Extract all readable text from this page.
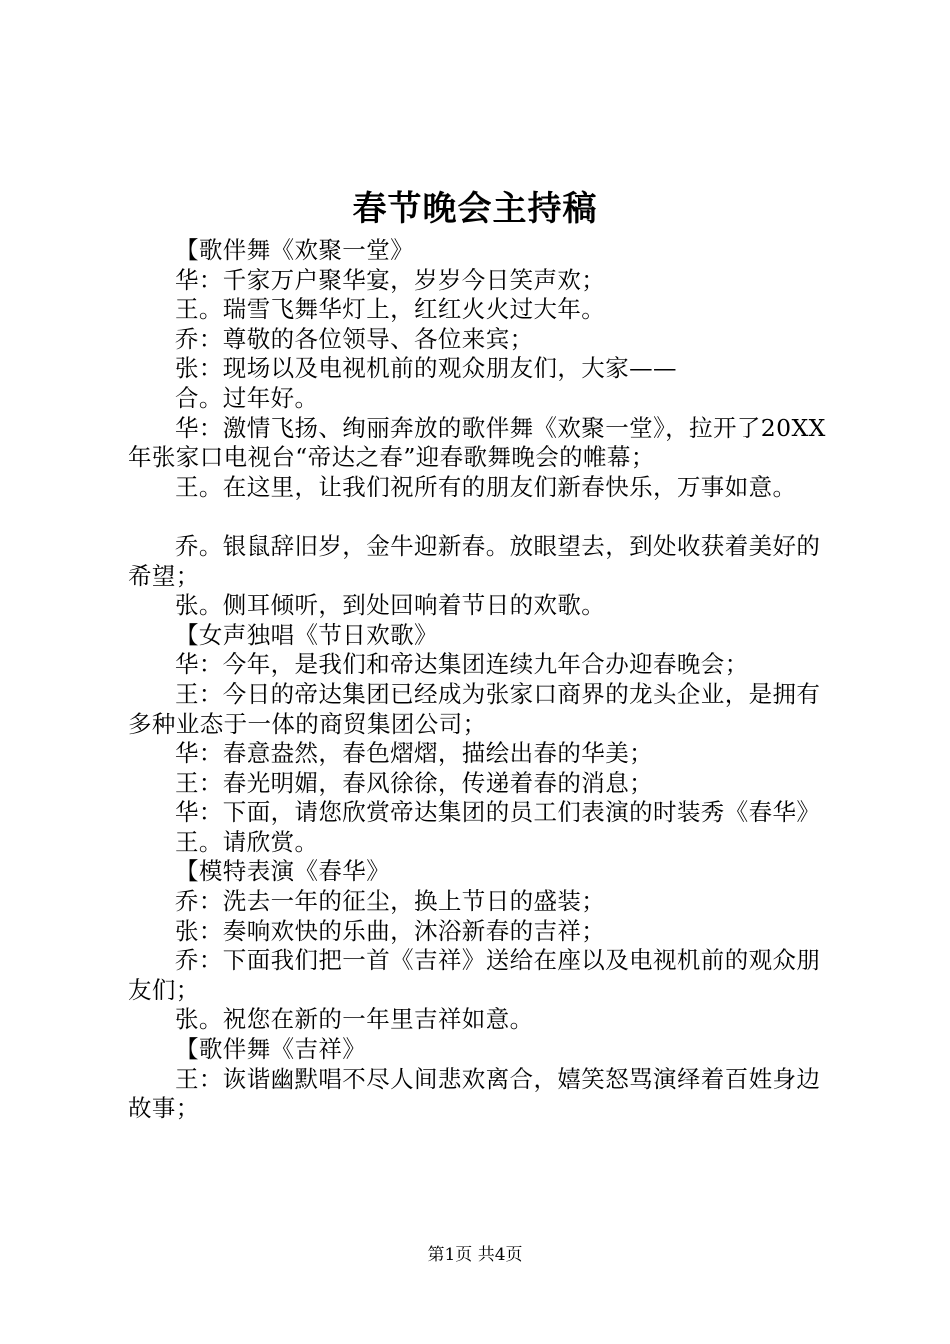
春节晚会主持稿

【歌伴舞《欢聚一堂》

华：千家万户聚华宴，岁岁今日笑声欢；

王。瑞雪飞舞华灯上，红红火火过大年。

乔：尊敬的各位领导、各位来宾；

张：现场以及电视机前的观众朋友们，大家——

合。过年好。

华：激情飞扬、绚丽奔放的歌伴舞《欢聚一堂》，拉开了20XX年张家口电视台“帝达之春”迎春歌舞晚会的帷幕；

王。在这里，让我们祝所有的朋友们新春快乐，万事如意。

乔。银鼠辞旧岁，金牛迎新春。放眼望去，到处收获着美好的希望；

张。侧耳倾听，到处回响着节日的欢歌。

【女声独唱《节日欢歌》

华：今年，是我们和帝达集团连续九年合办迎春晚会；

王：今日的帝达集团已经成为张家口商界的龙头企业，是拥有多种业态于一体的商贸集团公司；

华：春意盎然，春色熠熠，描绘出春的华美；

王：春光明媚，春风徐徐，传递着春的消息；

华：下面，请您欣赏帝达集团的员工们表演的时装秀《春华》

王。请欣赏。

【模特表演《春华》

乔：洗去一年的征尘，换上节日的盛装；

张：奏响欢快的乐曲，沐浴新春的吉祥；

乔：下面我们把一首《吉祥》送给在座以及电视机前的观众朋友们；

张。祝您在新的一年里吉祥如意。

【歌伴舞《吉祥》

王：诙谐幽默唱不尽人间悲欢离合，嬉笑怒骂演绎着百姓身边故事；

第1页 共4页
